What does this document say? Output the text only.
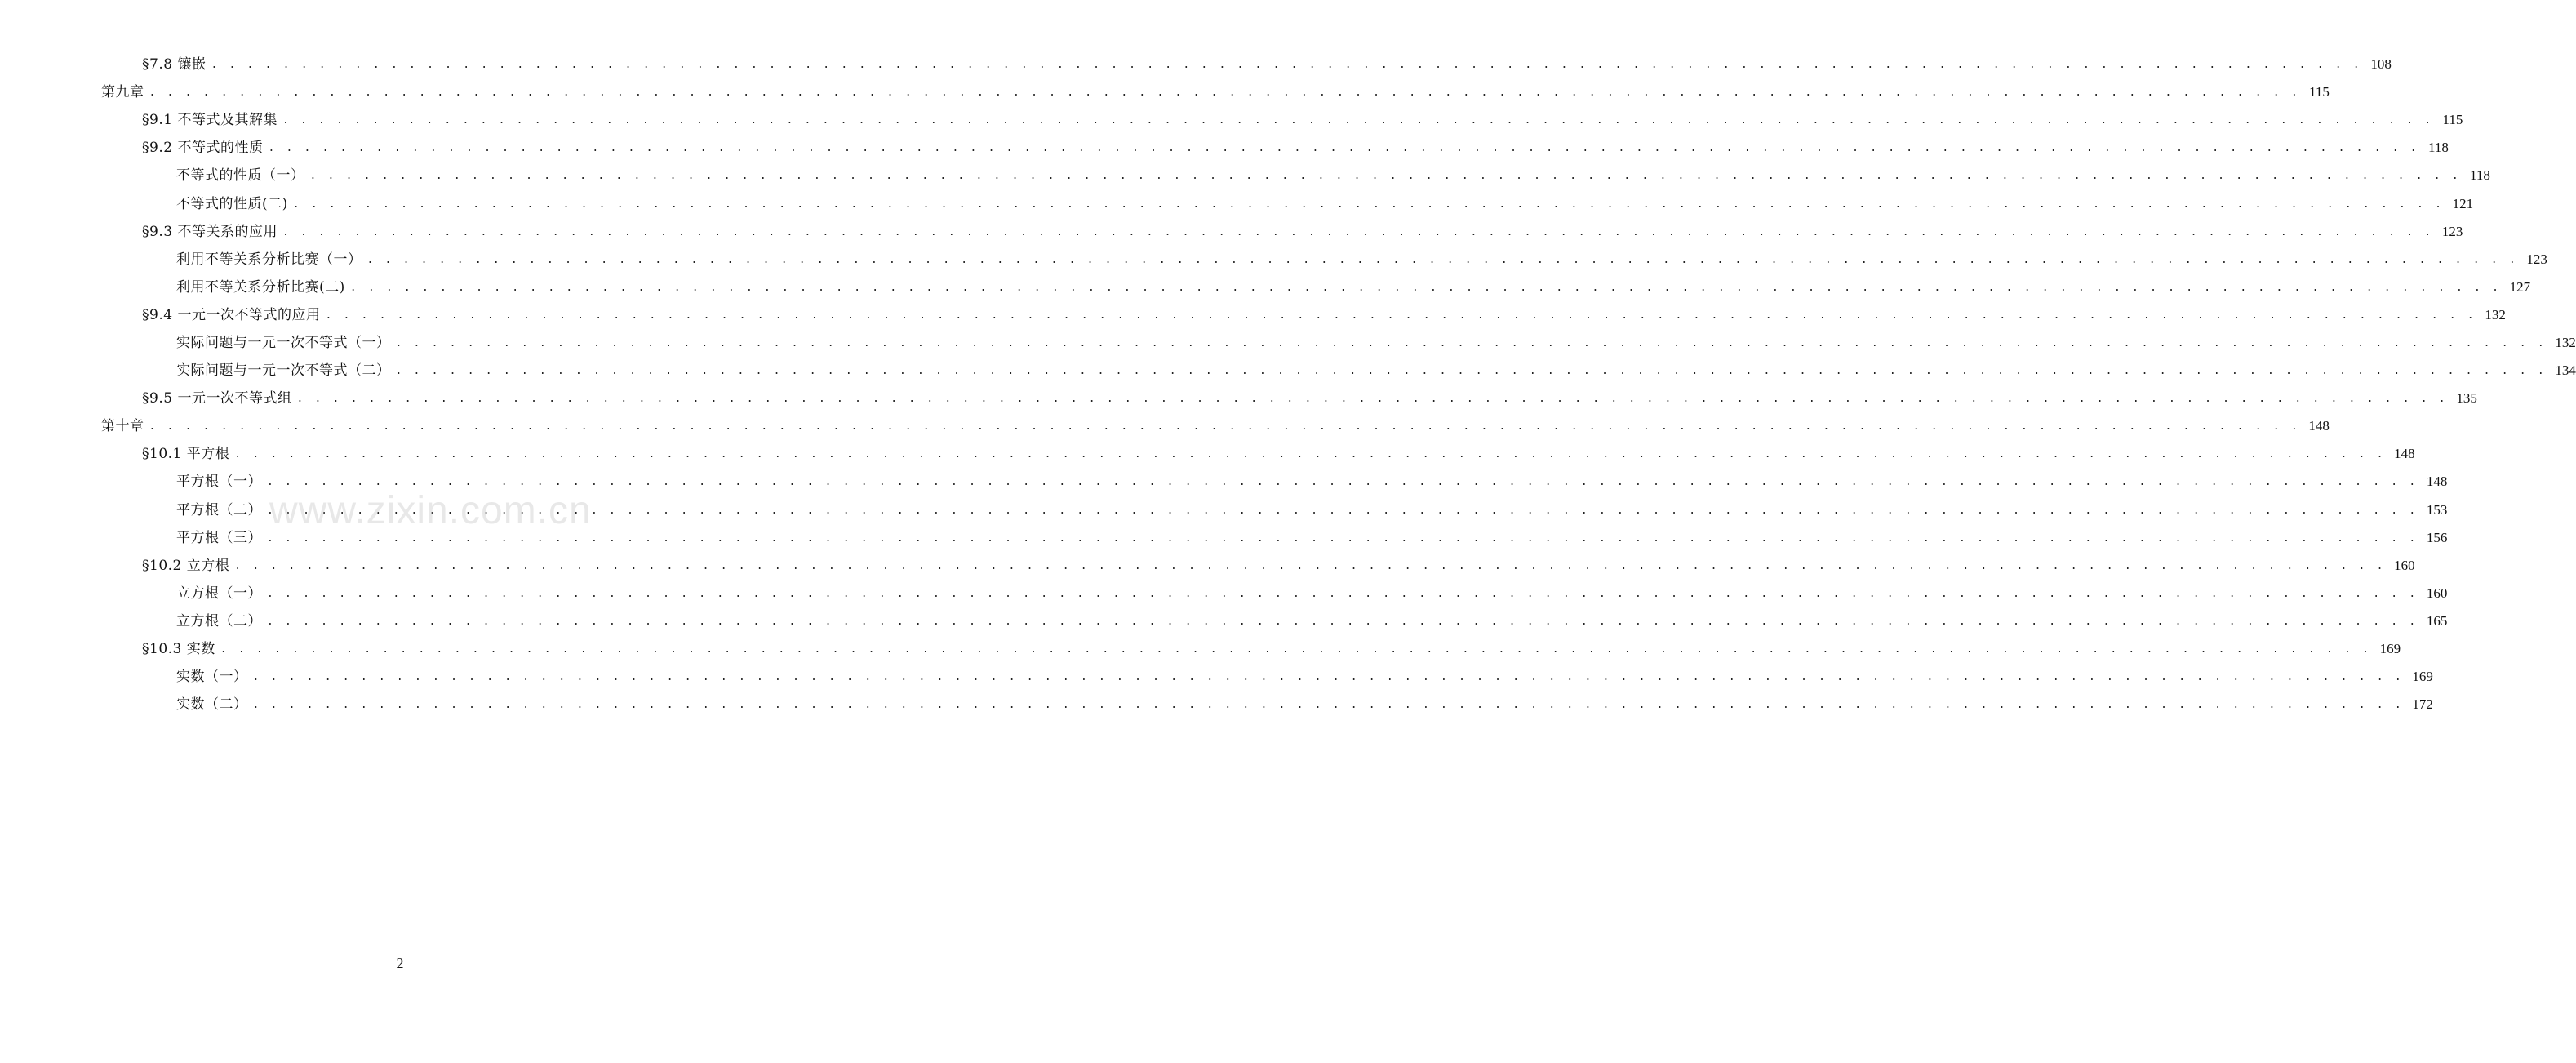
§7.8 镶嵌 . . . . . . . . . . . . . . . . . . . . . . . . . . . . . . . . . . . . . . . . . . . . . . . . . . . . . . . . . . . . . . . . . . . . . . . . . . . . . . . . . . . . . . . . . . . . . . . . . . . . . . . . . . . . . . . . . . . . . . . . 108
第九章 . . . . . . . . . . . . . . . . . . . . . . . . . . . . . . . . . . . . . . . . . . . . . . . . . . . . . . . . . . . . . . . . . . . . . . . . . . . . . . . . . . . . . . . . . . . . . . . . . . . . . . . . . . . . . . . . . . . . . . . . 115
§9.1 不等式及其解集 . . . . . . . . . . . . . . . . . . . . . . . . . . . . . . . . . . . . . . . . . . . . . . . . . . . . . . . . . . . . . . . . . . . . . . . . . . . . . . . . . . . . . . . . . . . . . . . . . . . . . . . . . . . . . . . . . . . . . . . . 115
§9.2 不等式的性质 . . . . . . . . . . . . . . . . . . . . . . . . . . . . . . . . . . . . . . . . . . . . . . . . . . . . . . . . . . . . . . . . . . . . . . . . . . . . . . . . . . . . . . . . . . . . . . . . . . . . . . . . . . . . . . . . . . . . . . . . 118
不等式的性质（一） . . . . . . . . . . . . . . . . . . . . . . . . . . . . . . . . . . . . . . . . . . . . . . . . . . . . . . . . . . . . . . . . . . . . . . . . . . . . . . . . . . . . . . . . . . . . . . . . . . . . . . . . . . . . . . . . . . . . . . . . 118
不等式的性质(二) . . . . . . . . . . . . . . . . . . . . . . . . . . . . . . . . . . . . . . . . . . . . . . . . . . . . . . . . . . . . . . . . . . . . . . . . . . . . . . . . . . . . . . . . . . . . . . . . . . . . . . . . . . . . . . . . . . . . . . . . 121
§9.3 不等关系的应用 . . . . . . . . . . . . . . . . . . . . . . . . . . . . . . . . . . . . . . . . . . . . . . . . . . . . . . . . . . . . . . . . . . . . . . . . . . . . . . . . . . . . . . . . . . . . . . . . . . . . . . . . . . . . . . . . . . . . . . . . 123
利用不等关系分析比赛（一） . . . . . . . . . . . . . . . . . . . . . . . . . . . . . . . . . . . . . . . . . . . . . . . . . . . . . . . . . . . . . . . . . . . . . . . . . . . . . . . . . . . . . . . . . . . . . . . . . . . . . . . . . . . . . . . . . . . . . . . . 123
利用不等关系分析比赛(二) . . . . . . . . . . . . . . . . . . . . . . . . . . . . . . . . . . . . . . . . . . . . . . . . . . . . . . . . . . . . . . . . . . . . . . . . . . . . . . . . . . . . . . . . . . . . . . . . . . . . . . . . . . . . . . . . . . . . . . . . 127
§9.4 一元一次不等式的应用 . . . . . . . . . . . . . . . . . . . . . . . . . . . . . . . . . . . . . . . . . . . . . . . . . . . . . . . . . . . . . . . . . . . . . . . . . . . . . . . . . . . . . . . . . . . . . . . . . . . . . . . . . . . . . . . . . . . . . . . . 132
实际问题与一元一次不等式（一） . . . . . . . . . . . . . . . . . . . . . . . . . . . . . . . . . . . . . . . . . . . . . . . . . . . . . . . . . . . . . . . . . . . . . . . . . . . . . . . . . . . . . . . . . . . . . . . . . . . . . . . . . . . . . . . . . . . . . . . . 132
实际问题与一元一次不等式（二） . . . . . . . . . . . . . . . . . . . . . . . . . . . . . . . . . . . . . . . . . . . . . . . . . . . . . . . . . . . . . . . . . . . . . . . . . . . . . . . . . . . . . . . . . . . . . . . . . . . . . . . . . . . . . . . . . . . . . . . . 134
§9.5 一元一次不等式组 . . . . . . . . . . . . . . . . . . . . . . . . . . . . . . . . . . . . . . . . . . . . . . . . . . . . . . . . . . . . . . . . . . . . . . . . . . . . . . . . . . . . . . . . . . . . . . . . . . . . . . . . . . . . . . . . . . . . . . . . 135
第十章 . . . . . . . . . . . . . . . . . . . . . . . . . . . . . . . . . . . . . . . . . . . . . . . . . . . . . . . . . . . . . . . . . . . . . . . . . . . . . . . . . . . . . . . . . . . . . . . . . . . . . . . . . . . . . . . . . . . . . . . . 148
§10.1 平方根 . . . . . . . . . . . . . . . . . . . . . . . . . . . . . . . . . . . . . . . . . . . . . . . . . . . . . . . . . . . . . . . . . . . . . . . . . . . . . . . . . . . . . . . . . . . . . . . . . . . . . . . . . . . . . . . . . . . . . . . . 148
平方根（一） . . . . . . . . . . . . . . . . . . . . . . . . . . . . . . . . . . . . . . . . . . . . . . . . . . . . . . . . . . . . . . . . . . . . . . . . . . . . . . . . . . . . . . . . . . . . . . . . . . . . . . . . . . . . . . . . . . . . . . . . 148
平方根（二） . . . . . . . . . . . . . . . . . . . . . . . . . . . . . . . . . . . . . . . . . . . . . . . . . . . . . . . . . . . . . . . . . . . . . . . . . . . . . . . . . . . . . . . . . . . . . . . . . . . . . . . . . . . . . . . . . . . . . . . . 153
平方根（三） . . . . . . . . . . . . . . . . . . . . . . . . . . . . . . . . . . . . . . . . . . . . . . . . . . . . . . . . . . . . . . . . . . . . . . . . . . . . . . . . . . . . . . . . . . . . . . . . . . . . . . . . . . . . . . . . . . . . . . . . 156
§10.2 立方根 . . . . . . . . . . . . . . . . . . . . . . . . . . . . . . . . . . . . . . . . . . . . . . . . . . . . . . . . . . . . . . . . . . . . . . . . . . . . . . . . . . . . . . . . . . . . . . . . . . . . . . . . . . . . . . . . . . . . . . . . 160
立方根（一） . . . . . . . . . . . . . . . . . . . . . . . . . . . . . . . . . . . . . . . . . . . . . . . . . . . . . . . . . . . . . . . . . . . . . . . . . . . . . . . . . . . . . . . . . . . . . . . . . . . . . . . . . . . . . . . . . . . . . . . . 160
立方根（二） . . . . . . . . . . . . . . . . . . . . . . . . . . . . . . . . . . . . . . . . . . . . . . . . . . . . . . . . . . . . . . . . . . . . . . . . . . . . . . . . . . . . . . . . . . . . . . . . . . . . . . . . . . . . . . . . . . . . . . . . 165
§10.3 实数 . . . . . . . . . . . . . . . . . . . . . . . . . . . . . . . . . . . . . . . . . . . . . . . . . . . . . . . . . . . . . . . . . . . . . . . . . . . . . . . . . . . . . . . . . . . . . . . . . . . . . . . . . . . . . . . . . . . . . . . . 169
实数（一） . . . . . . . . . . . . . . . . . . . . . . . . . . . . . . . . . . . . . . . . . . . . . . . . . . . . . . . . . . . . . . . . . . . . . . . . . . . . . . . . . . . . . . . . . . . . . . . . . . . . . . . . . . . . . . . . . . . . . . . . 169
实数（二） . . . . . . . . . . . . . . . . . . . . . . . . . . . . . . . . . . . . . . . . . . . . . . . . . . . . . . . . . . . . . . . . . . . . . . . . . . . . . . . . . . . . . . . . . . . . . . . . . . . . . . . . . . . . . . . . . . . . . . . . 172
www.zixin.com.cn
2
